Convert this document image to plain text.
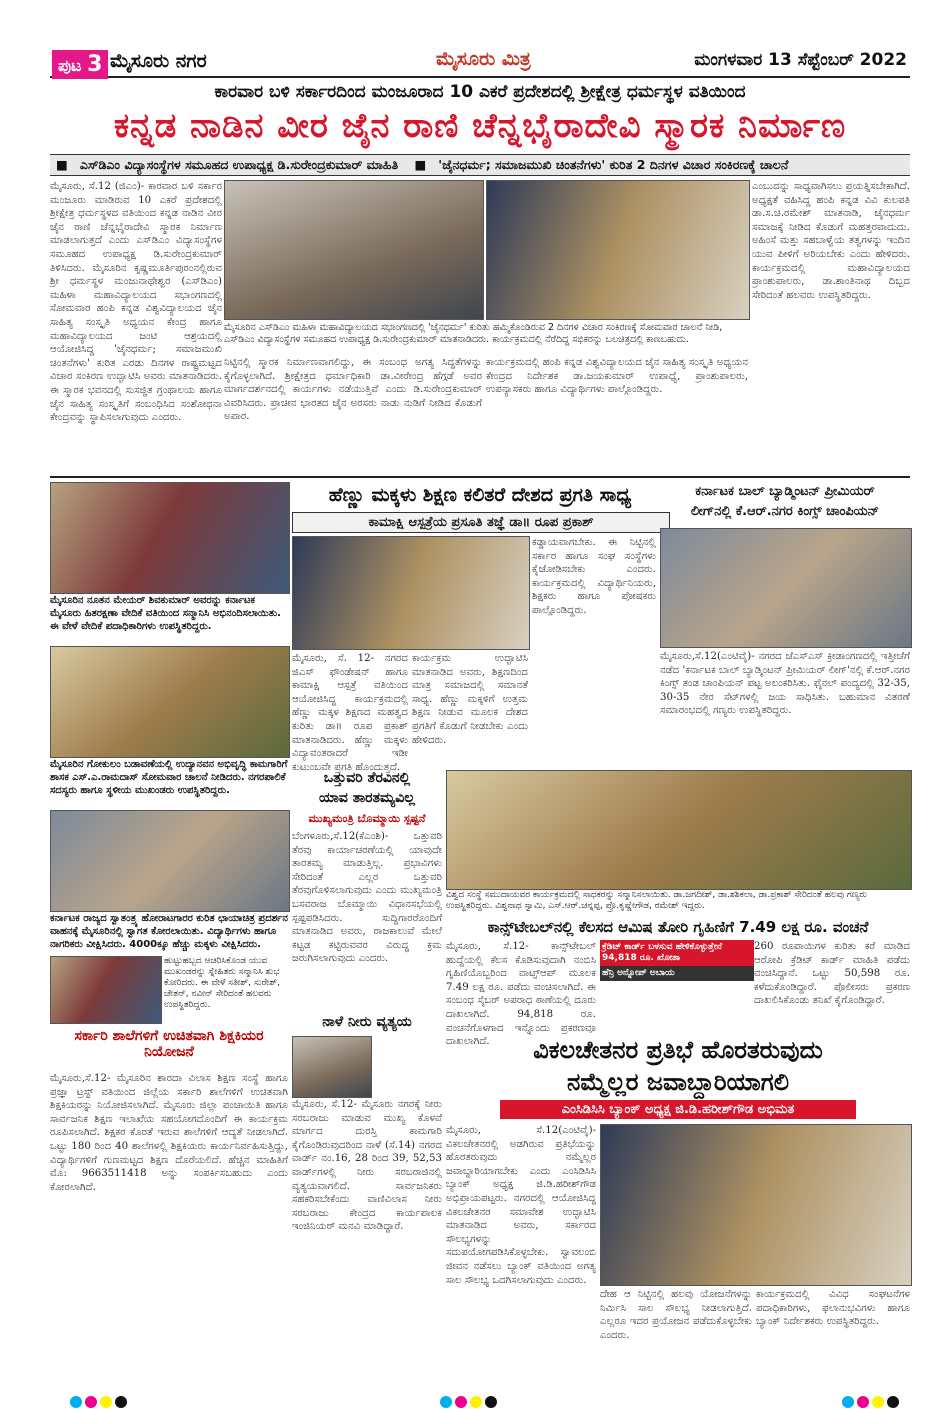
ಪುಟ 3 ಮೈಸೂರು ನಗರ	ಮೈಸೂರು ಮಿತ್ರ	ಮಂಗಳವಾರ 13 ಸೆಪ್ಟೆಂಬರ್ 2022
ಕಾರವಾರ ಬಳಿ ಸರ್ಕಾರದಿಂದ ಮಂಜೂರಾದ 10 ಎಕರೆ ಪ್ರದೇಶದಲ್ಲಿ ಶ್ರೀಕ್ಷೇತ್ರ ಧರ್ಮಸ್ಥಳ ವತಿಯಿಂದ
ಕನ್ನಡ ನಾಡಿನ ವೀರ ಜೈನ ರಾಣಿ ಚೆನ್ನಭೈರಾದೇವಿ ಸ್ಮಾರಕ ನಿರ್ಮಾಣ
■ ಎಸ್‌ಡಿಎಂ ವಿದ್ಯಾಸಂಸ್ಥೆಗಳ ಸಮೂಹದ ಉಪಾಧ್ಯಕ್ಷ ಡಿ.ಸುರೇಂದ್ರಕುಮಾರ್ ಮಾಹಿತಿ ■ 'ಜೈನಧರ್ಮ; ಸಮಾಜಮುಖಿ ಚಿಂತನೆಗಳು' ಕುರಿತ 2 ದಿನಗಳ ವಿಚಾರ ಸಂಕಿರಣಕ್ಕೆ ಚಾಲನೆ
ಮೈಸೂರು, ಸೆ.12 (ಜಿಎಂ)- ಕಾರವಾರ ಬಳಿ ಸರ್ಕಾರ ಮಂಜೂರು ಮಾಡಿರುವ 10 ಎಕರೆ ಪ್ರದೇಶದಲ್ಲಿ ಶ್ರೀಕ್ಷೇತ್ರ ಧರ್ಮಸ್ಥಳದ ವತಿಯಿಂದ ಕನ್ನಡ ನಾಡಿನ ವೀರ ಜೈನ ರಾಣಿ ಚೆನ್ನಭೈರಾದೇವಿ ಸ್ಮಾರಕ ನಿರ್ಮಾಣ ಮಾಡಲಾಗುತ್ತದೆ ಎಂದು ಎಸ್‌ಡಿಎಂ ವಿದ್ಯಾಸಂಸ್ಥೆಗಳ ಸಮೂಹದ ಉಪಾಧ್ಯಕ್ಷ ಡಿ.ಸುರೇಂದ್ರಕುಮಾರ್ ತಿಳಿಸಿದರು. ಮೈಸೂರಿನ ಕೃಷ್ಣಮೂರ್ತಿಪುರಂನಲ್ಲಿರುವ ಶ್ರೀ ಧರ್ಮಸ್ಥಳ ಮಂಜುನಾಥೇಶ್ವರ (ಎಸ್‌ಡಿಎಂ) ಮಹಿಳಾ ಮಹಾವಿದ್ಯಾಲಯದ ಸಭಾಂಗಣದಲ್ಲಿ ಸೋಮವಾರ ಹಂಪಿ ಕನ್ನಡ ವಿಶ್ವವಿದ್ಯಾಲಯದ ಜೈನ ಸಾಹಿತ್ಯ ಸಂಸ್ಕೃತಿ ಅಧ್ಯಯನ ಕೇಂದ್ರ ಹಾಗೂ ಮಹಾವಿದ್ಯಾಲಯದ ಜಂಟಿ ಆಶ್ರಯದಲ್ಲಿ ಆಯೋಜಿಸಿದ್ದ 'ಜೈನಧರ್ಮ; ಸಮಾಜಮುಖಿ ಚಿಂತನೆಗಳು' ಕುರಿತ ಎರಡು ದಿನಗಳ ರಾಷ್ಟ್ರಮಟ್ಟದ ವಿಚಾರ ಸಂಕಿರಣ ಉದ್ಘಾಟಿಸಿ ಅವರು ಮಾತನಾಡಿದರು. ಈ ಸ್ಮಾರಕ ಭವನದಲ್ಲಿ ಸುಸಜ್ಜಿತ ಗ್ರಂಥಾಲಯ ಹಾಗೂ ಜೈನ ಸಾಹಿತ್ಯ ಸಂಸ್ಕೃತಿಗೆ ಸಂಬಂಧಿಸಿದ ಸಂಶೋಧನಾ ಕೇಂದ್ರವನ್ನು ಸ್ಥಾಪಿಸಲಾಗುವುದು ಎಂದರು.
ಮೈಸೂರಿನ ಎಸ್‌ಡಿಎಂ ಮಹಿಳಾ ಮಹಾವಿದ್ಯಾಲಯದ ಸಭಾಂಗಣದಲ್ಲಿ 'ಜೈನಧರ್ಮ' ಕುರಿತು ಹಮ್ಮಿಕೊಂಡಿರುವ 2 ದಿನಗಳ ವಿಚಾರ ಸಂಕಿರಣಕ್ಕೆ ಸೋಮವಾರ ಚಾಲನೆ ನೀಡಿ, ಎಸ್‌ಡಿಎಂ ವಿದ್ಯಾಸಂಸ್ಥೆಗಳ ಸಮೂಹದ ಉಪಾಧ್ಯಕ್ಷ ಡಿ.ಸುರೇಂದ್ರಕುಮಾರ್ ಮಾತನಾಡಿದರು. ಕಾರ್ಯಕ್ರಮದಲ್ಲಿ ನೆರೆದಿದ್ದ ಸಭಿಕರನ್ನು ಬಲಚಿತ್ರದಲ್ಲಿ ಕಾಣಬಹುದು.
ನಿಟ್ಟಿನಲ್ಲಿ ಸ್ಮಾರಕ ನಿರ್ಮಾಣವಾಗಲಿದ್ದು, ಈ ಸಂಬಂಧ ಅಗತ್ಯ ಸಿದ್ಧತೆಗಳನ್ನು ಕೈಗೊಳ್ಳಲಾಗಿದೆ. ಶ್ರೀಕ್ಷೇತ್ರದ ಧರ್ಮಾಧಿಕಾರಿ ಡಾ.ವೀರೇಂದ್ರ ಹೆಗ್ಗಡೆ ಅವರ ಮಾರ್ಗದರ್ಶನದಲ್ಲಿ ಕಾರ್ಯಗಳು ನಡೆಯುತ್ತಿವೆ ಎಂದು ಡಿ.ಸುರೇಂದ್ರಕುಮಾರ್ ವಿವರಿಸಿದರು. ಪ್ರಾಚೀನ ಭಾರತದ ಜೈನ ಅರಸರು ನಾಡು ನುಡಿಗೆ ನೀಡಿದ ಕೊಡುಗೆ ಅಪಾರ.
ಕಾರ್ಯಕ್ರಮದಲ್ಲಿ ಹಂಪಿ ಕನ್ನಡ ವಿಶ್ವವಿದ್ಯಾಲಯದ ಜೈನ ಸಾಹಿತ್ಯ ಸಂಸ್ಕೃತಿ ಅಧ್ಯಯನ ಕೇಂದ್ರದ ನಿರ್ದೇಶಕ ಡಾ.ಜಯಕುಮಾರ್ ಉಪಾಧ್ಯೆ, ಪ್ರಾಂಶುಪಾಲರು, ಉಪನ್ಯಾಸಕರು ಹಾಗೂ ವಿದ್ಯಾರ್ಥಿಗಳು ಪಾಲ್ಗೊಂಡಿದ್ದರು.
ಎಂಬುದನ್ನು ಸಾಧ್ಯವಾಗಿಸಲು ಪ್ರಯತ್ನಿಸಬೇಕಾಗಿದೆ. ಅಧ್ಯಕ್ಷತೆ ವಹಿಸಿದ್ದ ಹಂಪಿ ಕನ್ನಡ ವಿವಿ ಕುಲಪತಿ ಡಾ.ಸ.ಚಿ.ರಮೇಶ್ ಮಾತನಾಡಿ, ಜೈನಧರ್ಮ ಸಮಾಜಕ್ಕೆ ನೀಡಿದ ಕೊಡುಗೆ ಮಹತ್ತರವಾದುದು. ಅಹಿಂಸೆ ಮತ್ತು ಸಹಬಾಳ್ವೆಯ ತತ್ವಗಳನ್ನು ಇಂದಿನ ಯುವ ಪೀಳಿಗೆ ಅರಿಯಬೇಕು ಎಂದು ಹೇಳಿದರು. ಕಾರ್ಯಕ್ರಮದಲ್ಲಿ ಮಹಾವಿದ್ಯಾಲಯದ ಪ್ರಾಂಶುಪಾಲರು, ಡಾ.ಶಾಂತಿನಾಥ ದಿಬ್ಬದ ಸೇರಿದಂತೆ ಹಲವರು ಉಪಸ್ಥಿತರಿದ್ದರು.
ಮೈಸೂರಿನ ನೂತನ ಮೇಯರ್ ಶಿವಕುಮಾರ್ ಅವರನ್ನು ಕರ್ನಾಟಕ ಮೈಸೂರು ಹಿತರಕ್ಷಣಾ ವೇದಿಕೆ ವತಿಯಿಂದ ಸನ್ಮಾನಿಸಿ ಅಭಿನಂದಿಸಲಾಯಿತು. ಈ ವೇಳೆ ವೇದಿಕೆ ಪದಾಧಿಕಾರಿಗಳು ಉಪಸ್ಥಿತರಿದ್ದರು.
ಮೈಸೂರಿನ ಗೋಕುಲಂ ಬಡಾವಣೆಯಲ್ಲಿ ಉದ್ಯಾನವನ ಅಭಿವೃದ್ಧಿ ಕಾಮಗಾರಿಗೆ ಶಾಸಕ ಎಸ್.ಎ.ರಾಮದಾಸ್ ಸೋಮವಾರ ಚಾಲನೆ ನೀಡಿದರು. ನಗರಪಾಲಿಕೆ ಸದಸ್ಯರು ಹಾಗೂ ಸ್ಥಳೀಯ ಮುಖಂಡರು ಉಪಸ್ಥಿತರಿದ್ದರು.
ಕರ್ನಾಟಕ ರಾಜ್ಯದ ಸ್ವಾತಂತ್ರ್ಯ ಹೋರಾಟಗಾರರ ಕುರಿತ ಛಾಯಾಚಿತ್ರ ಪ್ರದರ್ಶನ ವಾಹನಕ್ಕೆ ಮೈಸೂರಿನಲ್ಲಿ ಸ್ವಾಗತ ಕೋರಲಾಯಿತು. ವಿದ್ಯಾರ್ಥಿಗಳು ಹಾಗೂ ನಾಗರಿಕರು ವೀಕ್ಷಿಸಿದರು. 4000ಕ್ಕೂ ಹೆಚ್ಚು ಮಕ್ಕಳು ವೀಕ್ಷಿಸಿದರು.
ಹುಟ್ಟುಹಬ್ಬದ ಆಚರಿಸಿಕೊಂಡ ಯುವ ಮುಖಂಡರನ್ನು ಸ್ನೇಹಿತರು ಸನ್ಮಾನಿಸಿ ಶುಭ ಕೋರಿದರು. ಈ ವೇಳೆ ಸತೀಶ್, ಸುರೇಶ್, ಚೇತನ್, ನವೀನ್ ಸೇರಿದಂತೆ ಹಲವರು ಉಪಸ್ಥಿತರಿದ್ದರು.
ಹೆಣ್ಣು ಮಕ್ಕಳು ಶಿಕ್ಷಣ ಕಲಿತರೆ ದೇಶದ ಪ್ರಗತಿ ಸಾಧ್ಯ
ಕಾಮಾಕ್ಷಿ ಆಸ್ಪತ್ರೆಯ ಪ್ರಸೂತಿ ತಜ್ಞೆ ಡಾ॥ ರೂಪ ಪ್ರಕಾಶ್
ಮೈಸೂರು, ಸೆ. 12- ನಗರದ ಜಿಎಸ್ ಫೌಂಡೇಷನ್ ಹಾಗೂ ಕಾಮಾಕ್ಷಿ ಆಸ್ಪತ್ರೆ ವತಿಯಿಂದ ಆಯೋಜಿಸಿದ್ದ ಕಾರ್ಯಕ್ರಮದಲ್ಲಿ ಹೆಣ್ಣು ಮಕ್ಕಳ ಶಿಕ್ಷಣದ ಮಹತ್ವದ ಕುರಿತು ಡಾ॥ ರೂಪ ಪ್ರಕಾಶ್ ಮಾತನಾಡಿದರು. ಹೆಣ್ಣು ಮಕ್ಕಳು ವಿದ್ಯಾವಂತರಾದರೆ ಇಡೀ ಕುಟುಂಬವೇ ಪ್ರಗತಿ ಹೊಂದುತ್ತದೆ.
ಕಾರ್ಯಕ್ರಮ ಉದ್ಘಾಟಿಸಿ ಮಾತನಾಡಿದ ಅವರು, ಶಿಕ್ಷಣದಿಂದ ಮಾತ್ರ ಸಮಾಜದಲ್ಲಿ ಸಮಾನತೆ ಸಾಧ್ಯ. ಹೆಣ್ಣು ಮಕ್ಕಳಿಗೆ ಉತ್ತಮ ಶಿಕ್ಷಣ ನೀಡುವ ಮೂಲಕ ದೇಶದ ಪ್ರಗತಿಗೆ ಕೊಡುಗೆ ನೀಡಬೇಕು ಎಂದು ಹೇಳಿದರು.
ಕಡ್ಡಾಯವಾಗಬೇಕು. ಈ ನಿಟ್ಟಿನಲ್ಲಿ ಸರ್ಕಾರ ಹಾಗೂ ಸಂಘ ಸಂಸ್ಥೆಗಳು ಕೈಜೋಡಿಸಬೇಕು ಎಂದರು. ಕಾರ್ಯಕ್ರಮದಲ್ಲಿ ವಿದ್ಯಾರ್ಥಿನಿಯರು, ಶಿಕ್ಷಕರು ಹಾಗೂ ಪೋಷಕರು ಪಾಲ್ಗೊಂಡಿದ್ದರು.
ಕರ್ನಾಟಕ ಬಾಲ್ ಬ್ಯಾಡ್ಮಿಂಟನ್ ಪ್ರೀಮಿಯರ್
ಲೀಗ್‌ನಲ್ಲಿ ಕೆ.ಆರ್.ನಗರ ಕಿಂಗ್ಸ್ ಚಾಂಪಿಯನ್
ಮೈಸೂರು,ಸೆ.12(ಎಂಟಿವೈ)- ನಗರದ ಜೆಎಸ್‌ಎಸ್ ಕ್ರೀಡಾಂಗಣದಲ್ಲಿ ಇತ್ತೀಚೆಗೆ ನಡೆದ 'ಕರ್ನಾಟಕ ಬಾಲ್ ಬ್ಯಾಡ್ಮಿಂಟನ್ ಪ್ರೀಮಿಯರ್ ಲೀಗ್'ನಲ್ಲಿ ಕೆ.ಆರ್.ನಗರ ಕಿಂಗ್ಸ್ ತಂಡ ಚಾಂಪಿಯನ್ ಪಟ್ಟ ಅಲಂಕರಿಸಿತು. ಫೈನಲ್ ಪಂದ್ಯದಲ್ಲಿ 32-35, 30-35 ನೇರ ಸೆಟ್‌ಗಳಲ್ಲಿ ಜಯ ಸಾಧಿಸಿತು. ಬಹುಮಾನ ವಿತರಣೆ ಸಮಾರಂಭದಲ್ಲಿ ಗಣ್ಯರು ಉಪಸ್ಥಿತರಿದ್ದರು.
ಒತ್ತುವರಿ ತೆರವಿನಲ್ಲಿ
ಯಾವ ತಾರತಮ್ಯವಿಲ್ಲ
ಮುಖ್ಯಮಂತ್ರಿ ಬೊಮ್ಮಾಯಿ ಸ್ಪಷ್ಟನೆ
ಬೆಂಗಳೂರು,ಸೆ.12(ಕೆಎಂಶಿ)- ಒತ್ತುವರಿ ತೆರವು ಕಾರ್ಯಾಚರಣೆಯಲ್ಲಿ ಯಾವುದೇ ತಾರತಮ್ಯ ಮಾಡುತ್ತಿಲ್ಲ. ಪ್ರಭಾವಿಗಳು ಸೇರಿದಂತೆ ಎಲ್ಲರ ಒತ್ತುವರಿ ತೆರವುಗೊಳಿಸಲಾಗುವುದು ಎಂದು ಮುಖ್ಯಮಂತ್ರಿ ಬಸವರಾಜ ಬೊಮ್ಮಾಯಿ ವಿಧಾನಸಭೆಯಲ್ಲಿ ಸ್ಪಷ್ಟಪಡಿಸಿದರು. ಸುದ್ದಿಗಾರರೊಂದಿಗೆ ಮಾತನಾಡಿದ ಅವರು, ರಾಜಕಾಲುವೆ ಮೇಲೆ ಕಟ್ಟಡ ಕಟ್ಟಿರುವವರ ವಿರುದ್ಧ ಕ್ರಮ ಜರುಗಿಸಲಾಗುವುದು ಎಂದರು.
ವಿಶ್ವದ ಸಂಸ್ಥೆ ಸಮುದಾಯವರ ಕಾರ್ಯಕ್ರಮದಲ್ಲಿ ಸಾಧಕರನ್ನು ಸನ್ಮಾನಿಸಲಾಯಿತು. ಡಾ.ಜಗದೀಶ್, ಡಾ.ಶಶಿಕಲಾ, ಡಾ.ಪ್ರಕಾಶ್ ಸೇರಿದಂತೆ ಹಲವು ಗಣ್ಯರು ಉಪಸ್ಥಿತರಿದ್ದರು. ವಿಶ್ವನಾಥ ಸ್ವಾಮಿ, ಎಸ್.ಆರ್.ಚನ್ನಪ್ಪ, ಪ್ರೊ.ಕೃಷ್ಣೇಗೌಡ, ರಮೇಶ್ ಇದ್ದರು.
ಕಾನ್ಸ್‌ಟೇಬಲ್‌ನಲ್ಲಿ ಕೆಲಸದ ಆಮಿಷ ತೋರಿ ಗೃಹಿಣಿಗೆ 7.49 ಲಕ್ಷ ರೂ. ವಂಚನೆ
ಮೈಸೂರು, ಸೆ.12- ಕಾನ್ಸ್‌ಟೇಬಲ್ ಹುದ್ದೆಯಲ್ಲಿ ಕೆಲಸ ಕೊಡಿಸುವುದಾಗಿ ನಂಬಿಸಿ ಗೃಹಿಣಿಯೊಬ್ಬರಿಂದ ವಾಟ್ಸ್ಆಪ್ ಮೂಲಕ 7.49 ಲಕ್ಷ ರೂ. ಪಡೆದು ವಂಚಿಸಲಾಗಿದೆ. ಈ ಸಂಬಂಧ ಸೈಬರ್ ಅಪರಾಧ ಠಾಣೆಯಲ್ಲಿ ದೂರು ದಾಖಲಾಗಿದೆ. 94,818 ರೂ. ವಂಚನೆಗೊಳಗಾದ ಇನ್ನೊಂದು ಪ್ರಕರಣವೂ ದಾಖಲಾಗಿದೆ.
ಕ್ರೆಡಿಟ್ ಕಾರ್ಡ್ ಬಳಸುವ ಹೇಳಿಕೊಳ್ಳುತ್ತೇನೆ 94,818 ರೂ. ಖೋತಾ
ಹೆನ್ರಿ ಅನ್ನೋಪ್ ಅಬಾಯ
260 ರೂಪಾಯಿಗಳ ಕುರಿತು ಕರೆ ಮಾಡಿದ ಆರೋಪಿ ಕ್ರೆಡಿಟ್ ಕಾರ್ಡ್ ಮಾಹಿತಿ ಪಡೆದು ವಂಚಿಸಿದ್ದಾನೆ. ಒಟ್ಟು 50,598 ರೂ. ಕಳೆದುಕೊಂಡಿದ್ದಾರೆ. ಪೊಲೀಸರು ಪ್ರಕರಣ ದಾಖಲಿಸಿಕೊಂಡು ತನಿಖೆ ಕೈಗೊಂಡಿದ್ದಾರೆ.
ಸರ್ಕಾರಿ ಶಾಲೆಗಳಿಗೆ ಉಚಿತವಾಗಿ ಶಿಕ್ಷಕಿಯರ ನಿಯೋಜನೆ
ಮೈಸೂರು,ಸೆ.12- ಮೈಸೂರಿನ ಶಾರದಾ ವಿಲಾಸ ಶಿಕ್ಷಣ ಸಂಸ್ಥೆ ಹಾಗೂ ಪ್ರಜ್ಞಾ ಟ್ರಸ್ಟ್ ವತಿಯಿಂದ ಜಿಲ್ಲೆಯ ಸರ್ಕಾರಿ ಶಾಲೆಗಳಿಗೆ ಉಚಿತವಾಗಿ ಶಿಕ್ಷಕಿಯರನ್ನು ನಿಯೋಜಿಸಲಾಗಿದೆ. ಮೈಸೂರು ಜಿಲ್ಲಾ ಪಂಚಾಯಿತಿ ಹಾಗೂ ಸಾರ್ವಜನಿಕ ಶಿಕ್ಷಣ ಇಲಾಖೆಯ ಸಹಯೋಗದೊಂದಿಗೆ ಈ ಕಾರ್ಯಕ್ರಮ ರೂಪಿಸಲಾಗಿದೆ. ಶಿಕ್ಷಕರ ಕೊರತೆ ಇರುವ ಶಾಲೆಗಳಿಗೆ ಆದ್ಯತೆ ನೀಡಲಾಗಿದೆ. ಒಟ್ಟು 180 ರಿಂದ 40 ಶಾಲೆಗಳಲ್ಲಿ ಶಿಕ್ಷಕಿಯರು ಕಾರ್ಯನಿರ್ವಹಿಸುತ್ತಿದ್ದು, ವಿದ್ಯಾರ್ಥಿಗಳಿಗೆ ಗುಣಮಟ್ಟದ ಶಿಕ್ಷಣ ದೊರೆಯಲಿದೆ. ಹೆಚ್ಚಿನ ಮಾಹಿತಿಗೆ ಮೊ: 9663511418 ಅನ್ನು ಸಂಪರ್ಕಿಸಬಹುದು ಎಂದು ಕೋರಲಾಗಿದೆ.
ನಾಳೆ ನೀರು ವ್ಯತ್ಯಯ
ಮೈಸೂರು, ಸೆ.12- ಮೈಸೂರು ನಗರಕ್ಕೆ ನೀರು ಸರಬರಾಜು ಮಾಡುವ ಮುಖ್ಯ ಕೊಳವೆ ಮಾರ್ಗದ ದುರಸ್ತಿ ಕಾಮಗಾರಿ ಕೈಗೊಂಡಿರುವುದರಿಂದ ನಾಳೆ (ಸೆ.14) ನಗರದ ವಾರ್ಡ್ ನಂ.16, 28 ರಿಂದ 39, 52,53 ವಾರ್ಡ್‌ಗಳಲ್ಲಿ ನೀರು ಸರಬರಾಜಿನಲ್ಲಿ ವ್ಯತ್ಯಯವಾಗಲಿದೆ. ಸಾರ್ವಜನಿಕರು ಸಹಕರಿಸಬೇಕೆಂದು ವಾಣಿವಿಲಾಸ ನೀರು ಸರಬರಾಜು ಕೇಂದ್ರದ ಕಾರ್ಯಪಾಲಕ ಇಂಜಿನಿಯರ್ ಮನವಿ ಮಾಡಿದ್ದಾರೆ.
ವಿಕಲಚೇತನರ ಪ್ರತಿಭೆ ಹೊರತರುವುದು
ನಮ್ಮೆಲ್ಲರ ಜವಾಬ್ದಾರಿಯಾಗಲಿ
ಎಂಸಿಡಿಸಿಸಿ ಬ್ಯಾಂಕ್ ಅಧ್ಯಕ್ಷ ಜಿ.ಡಿ.ಹರೀಶ್‌ಗೌಡ ಅಭಿಮತ
ಮೈಸೂರು, ಸೆ.12(ಎಂಟಿವೈ)- ವಿಕಲಚೇತನರಲ್ಲಿ ಅಡಗಿರುವ ಪ್ರತಿಭೆಯನ್ನು ಹೊರತರುವುದು ನಮ್ಮೆಲ್ಲರ ಜವಾಬ್ದಾರಿಯಾಗಬೇಕು ಎಂದು ಎಂಸಿಡಿಸಿಸಿ ಬ್ಯಾಂಕ್ ಅಧ್ಯಕ್ಷ ಜಿ.ಡಿ.ಹರೀಶ್‌ಗೌಡ ಅಭಿಪ್ರಾಯಪಟ್ಟರು. ನಗರದಲ್ಲಿ ಆಯೋಜಿಸಿದ್ದ ವಿಕಲಚೇತನರ ಸಮಾವೇಶ ಉದ್ಘಾಟಿಸಿ ಮಾತನಾಡಿದ ಅವರು, ಸರ್ಕಾರದ ಸೌಲಭ್ಯಗಳನ್ನು ಸದುಪಯೋಗಪಡಿಸಿಕೊಳ್ಳಬೇಕು. ಸ್ವಾವಲಂಬಿ ಜೀವನ ನಡೆಸಲು ಬ್ಯಾಂಕ್ ವತಿಯಿಂದ ಅಗತ್ಯ ಸಾಲ ಸೌಲಭ್ಯ ಒದಗಿಸಲಾಗುವುದು ಎಂದರು.
ದೇಹ ಆ ನಿಟ್ಟಿನಲ್ಲಿ ಹಲವು ಯೋಜನೆಗಳನ್ನು ನಿರ್ಮಿಸಿ ಸಾಲ ಸೌಲಭ್ಯ ನೀಡಲಾಗುತ್ತಿದೆ. ಎಲ್ಲರೂ ಇದರ ಪ್ರಯೋಜನ ಪಡೆದುಕೊಳ್ಳಬೇಕು ಎಂದರು.
ಕಾರ್ಯಕ್ರಮದಲ್ಲಿ ವಿವಿಧ ಸಂಘಟನೆಗಳ ಪದಾಧಿಕಾರಿಗಳು, ಫಲಾನುಭವಿಗಳು ಹಾಗೂ ಬ್ಯಾಂಕ್ ನಿರ್ದೇಶಕರು ಉಪಸ್ಥಿತರಿದ್ದರು.
